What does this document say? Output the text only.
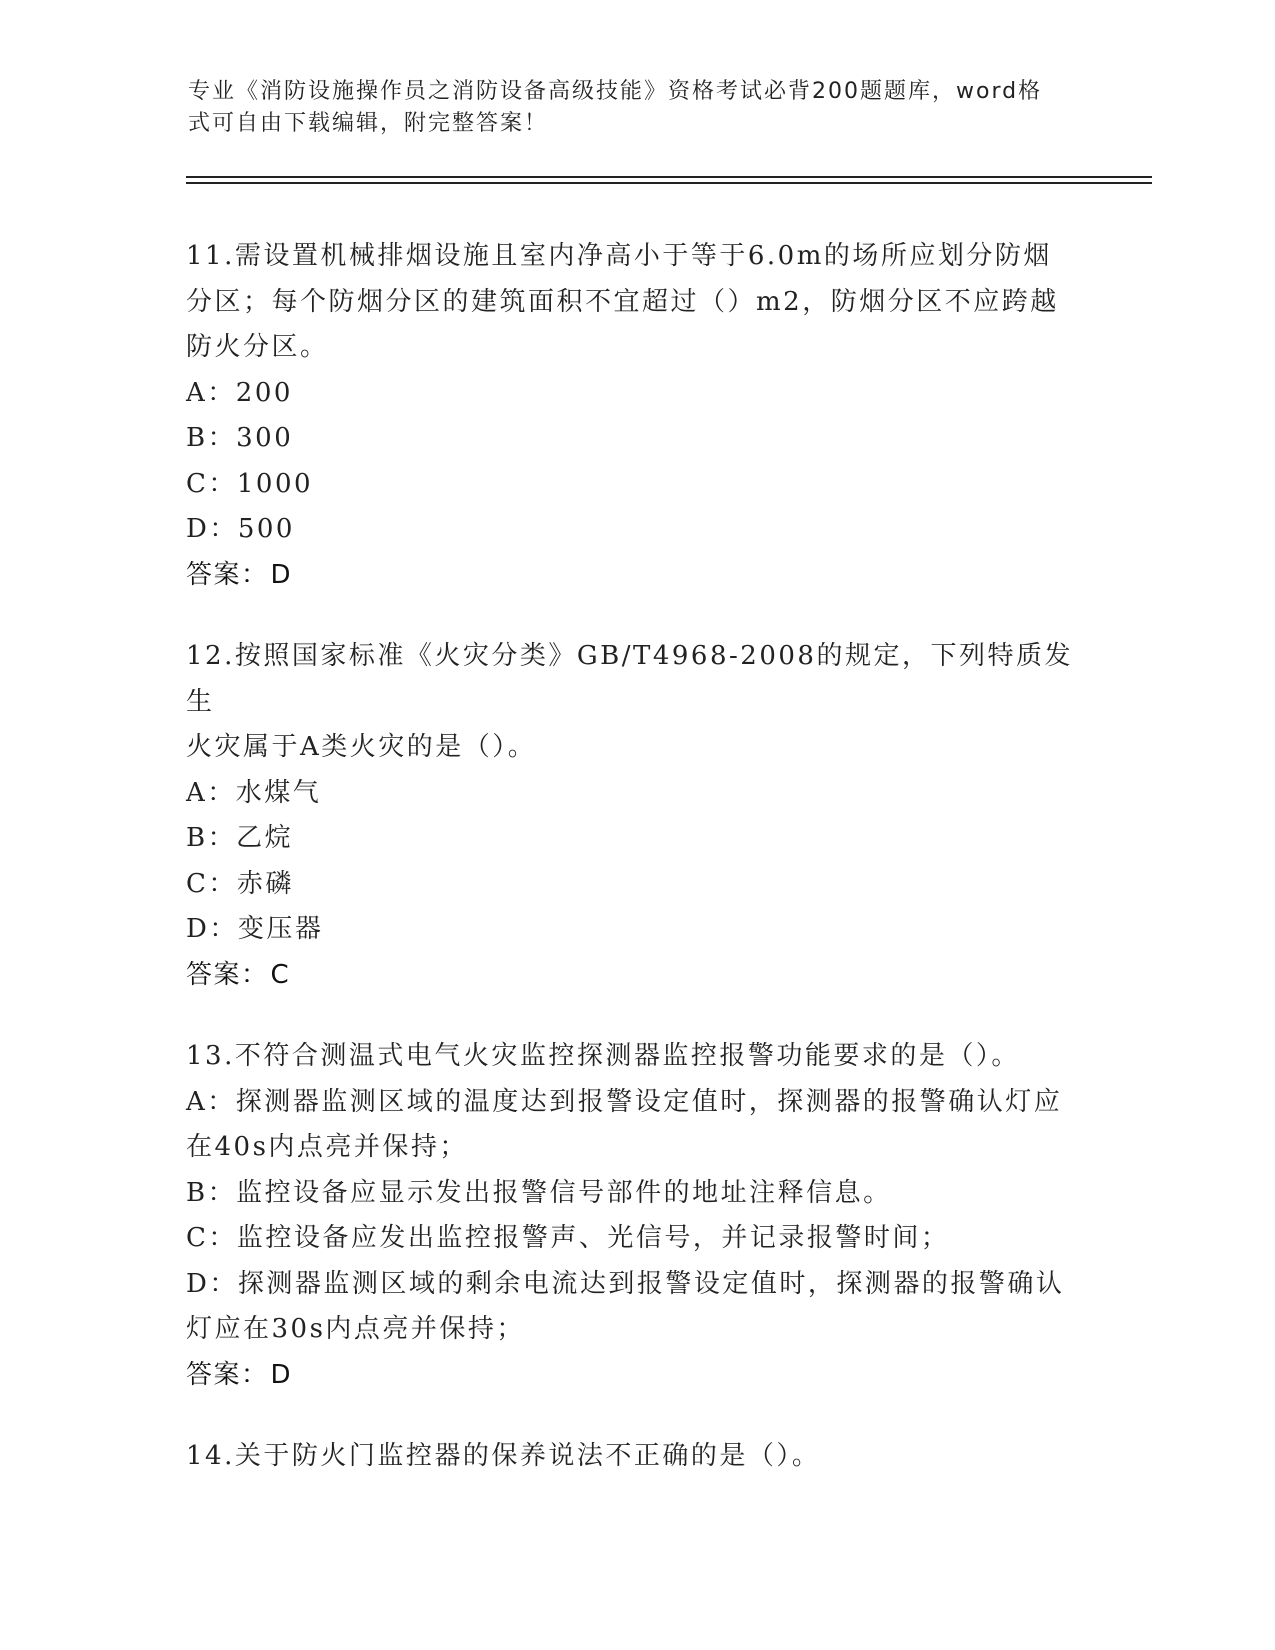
专业《消防设施操作员之消防设备高级技能》资格考试必背200题题库，word格
式可自由下载编辑，附完整答案！

11.需设置机械排烟设施且室内净高小于等于6.0m的场所应划分防烟

分区；每个防烟分区的建筑面积不宜超过（）m2，防烟分区不应跨越

防火分区。

A：200

B：300

C：1000

D：500

答案：D

12.按照国家标准《火灾分类》GB/T4968-2008的规定，下列特质发生

火灾属于A类火灾的是（）。

A：水煤气

B：乙烷

C：赤磷

D：变压器

答案：C

13.不符合测温式电气火灾监控探测器监控报警功能要求的是（）。

A：探测器监测区域的温度达到报警设定值时，探测器的报警确认灯应

在40s内点亮并保持；

B：监控设备应显示发出报警信号部件的地址注释信息。

C：监控设备应发出监控报警声、光信号，并记录报警时间；

D：探测器监测区域的剩余电流达到报警设定值时，探测器的报警确认

灯应在30s内点亮并保持；

答案：D

14.关于防火门监控器的保养说法不正确的是（）。
